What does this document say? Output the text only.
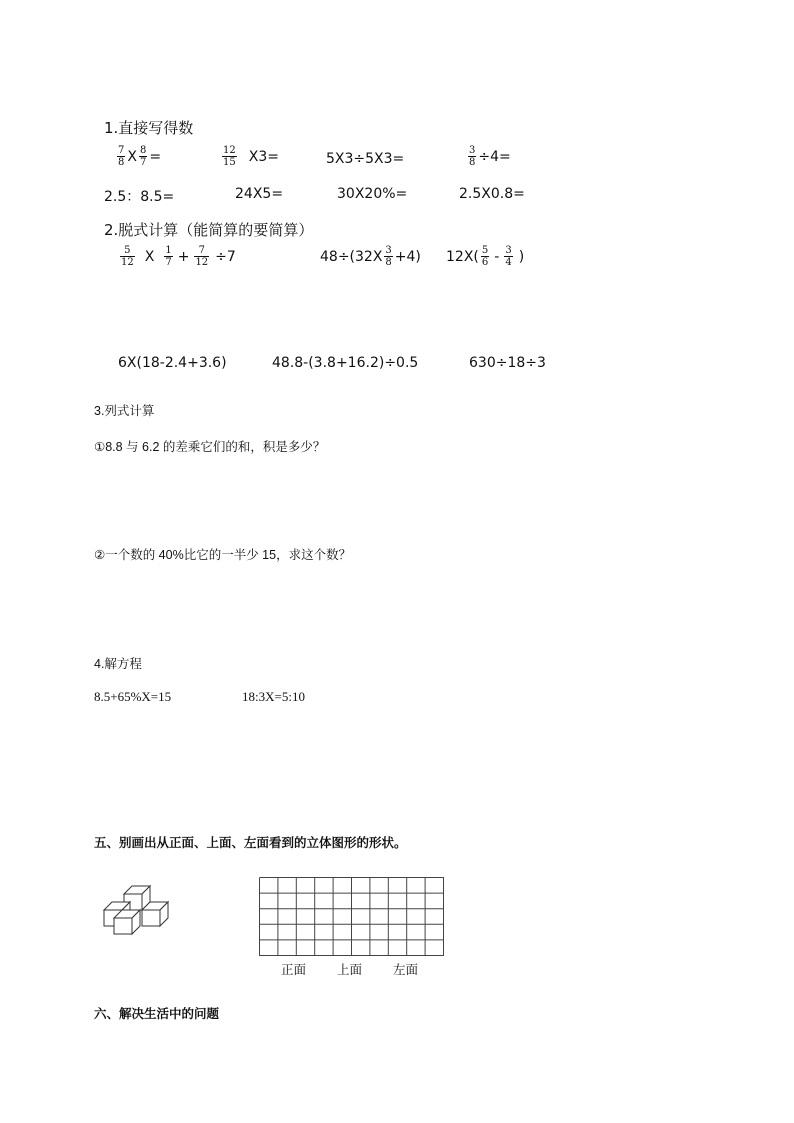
1.直接写得数
$\frac{7}{8}$ X $\frac{8}{7}$ =	$\frac{12}{15} X3=$	5X3÷5X3=	$\frac{3}{8} \div 4=$
2.5：8.5=	24X5=	30X20%=	2.5X0.8=
2.脱式计算（能简算的要简算）
$\frac{5}{12}$ X $\frac{1}{7} + \frac{7}{12} \div 7$	$48\div(32X \frac{3}{8} +4)$ $12X( \frac{5}{6} - \frac{3}{4}$ )
6X(18-2.4+3.6)	48.8-(3.8+16.2)÷0.5	630÷18÷3
3.列式计算
①8.8 与 6.2 的差乘它们的和，积是多少？
②一个数的 40%比它的一半少 15，求这个数？
4.解方程
8.5+65%X=15	18:3X=5:10
五、别画出从正面、上面、左面看到的立体图形的形状。
正面 上面 左面
六、解决生活中的问题
